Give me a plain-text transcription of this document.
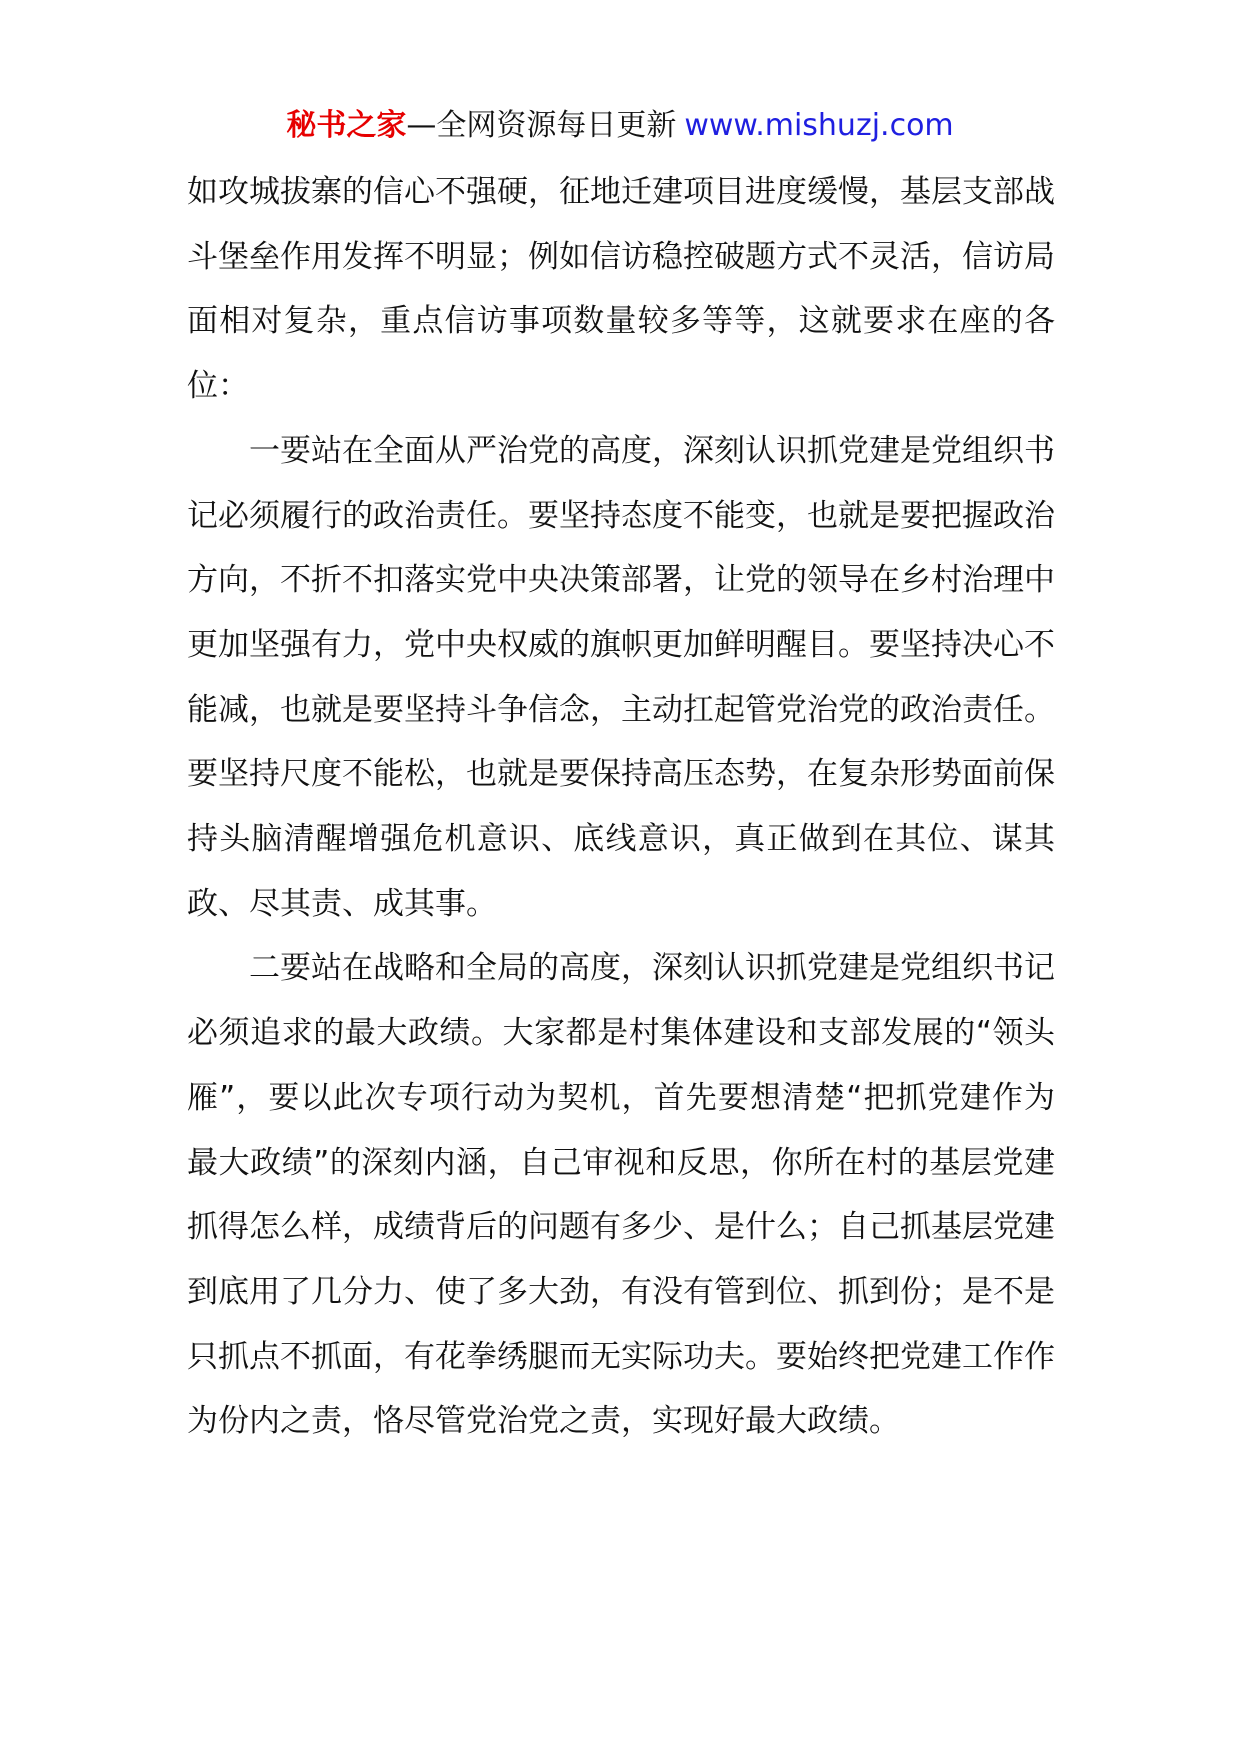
秘书之家—全网资源每日更新 www.mishuzj.com

如攻城拔寨的信心不强硬，征地迁建项目进度缓慢，基层支部战斗堡垒作用发挥不明显；例如信访稳控破题方式不灵活，信访局面相对复杂，重点信访事项数量较多等等，这就要求在座的各位：

一要站在全面从严治党的高度，深刻认识抓党建是党组织书记必须履行的政治责任。要坚持态度不能变，也就是要把握政治方向，不折不扣落实党中央决策部署，让党的领导在乡村治理中更加坚强有力，党中央权威的旗帜更加鲜明醒目。要坚持决心不能减，也就是要坚持斗争信念，主动扛起管党治党的政治责任。要坚持尺度不能松，也就是要保持高压态势，在复杂形势面前保持头脑清醒增强危机意识、底线意识，真正做到在其位、谋其政、尽其责、成其事。

二要站在战略和全局的高度，深刻认识抓党建是党组织书记必须追求的最大政绩。大家都是村集体建设和支部发展的“领头雁”，要以此次专项行动为契机，首先要想清楚“把抓党建作为最大政绩”的深刻内涵，自己审视和反思，你所在村的基层党建抓得怎么样，成绩背后的问题有多少、是什么；自己抓基层党建到底用了几分力、使了多大劲，有没有管到位、抓到份；是不是只抓点不抓面，有花拳绣腿而无实际功夫。要始终把党建工作作为份内之责，恪尽管党治党之责，实现好最大政绩。
